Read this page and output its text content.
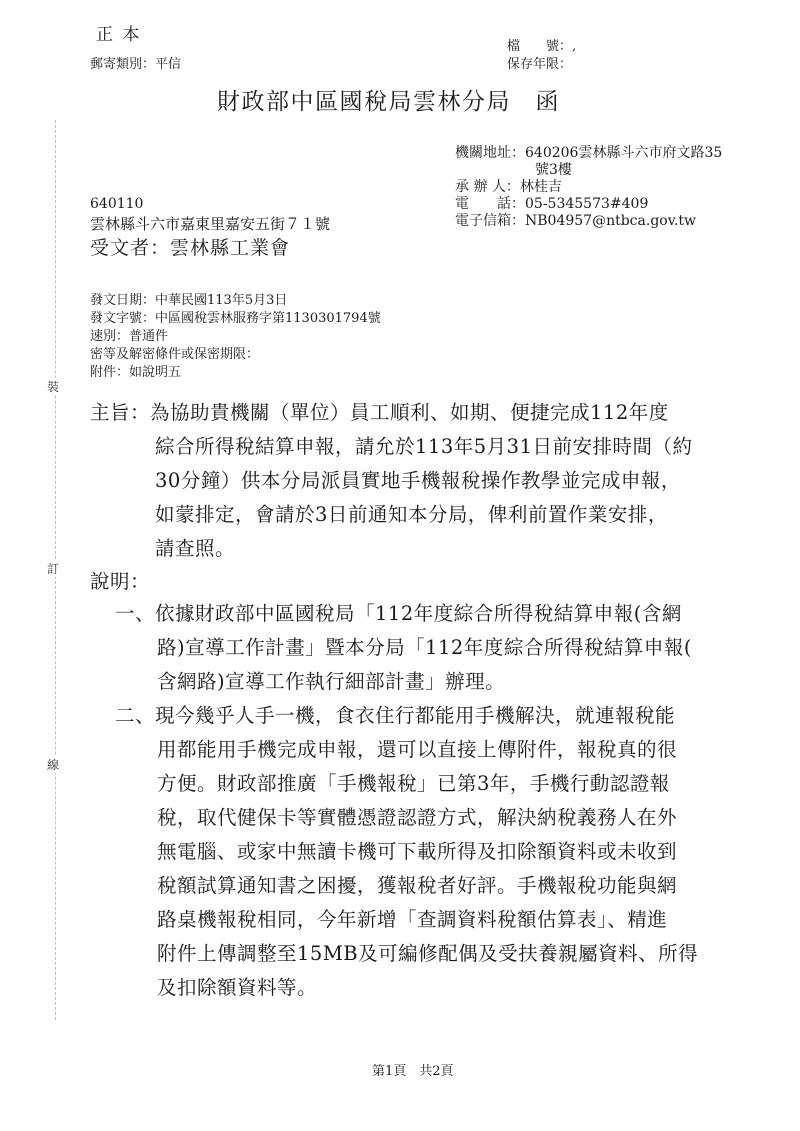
正 本
郵寄類別：平信
檔　　號：,
保存年限：
財政部中區國稅局雲林分局　函
機關地址：640206雲林縣斗六市府文路35
號3樓
承 辦 人：林桂吉
電　　話：05-5345573#409
電子信箱：NB04957@ntbca.gov.tw
640110
雲林縣斗六市嘉東里嘉安五街７１號
受文者：雲林縣工業會
發文日期：中華民國113年5月3日
發文字號：中區國稅雲林服務字第1130301794號
速別：普通件
密等及解密條件或保密期限：
附件：如說明五
裝
訂
線
主旨：為協助貴機關（單位）員工順利、如期、便捷完成112年度
綜合所得稅結算申報，請允於113年5月31日前安排時間（約
30分鐘）供本分局派員實地手機報稅操作教學並完成申報，
如蒙排定，會請於3日前通知本分局，俾利前置作業安排，
請查照。
說明：
一、依據財政部中區國稅局「112年度綜合所得稅結算申報(含網
路)宣導工作計畫」暨本分局「112年度綜合所得稅結算申報(
含網路)宣導工作執行細部計畫」辦理。
二、現今幾乎人手一機，食衣住行都能用手機解決，就連報稅能
用都能用手機完成申報，還可以直接上傳附件，報稅真的很
方便。財政部推廣「手機報稅」已第3年，手機行動認證報
稅，取代健保卡等實體憑證認證方式，解決納稅義務人在外
無電腦、或家中無讀卡機可下載所得及扣除額資料或未收到
稅額試算通知書之困擾，獲報稅者好評。手機報稅功能與網
路桌機報稅相同，今年新增「查調資料稅額估算表」、精進
附件上傳調整至15MB及可編修配偶及受扶養親屬資料、所得
及扣除額資料等。
第1頁　共2頁
